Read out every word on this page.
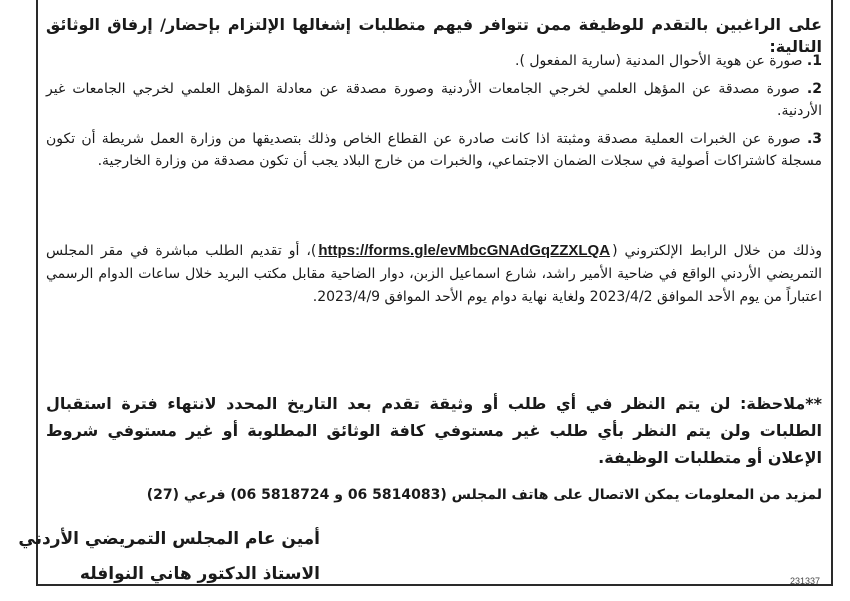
على الراغبين بالتقدم للوظيفة ممن تتوافر فيهم متطلبات إشغالها الإلتزام بإحضار/ إرفاق الوثائق التالية:

1. صورة عن هوية الأحوال المدنية (سارية المفعول ).
2. صورة مصدقة عن المؤهل العلمي لخرجي الجامعات الأردنية وصورة مصدقة عن معادلة المؤهل العلمي لخرجي الجامعات غير الأردنية.
3. صورة عن الخبرات العملية مصدقة ومثبتة اذا كانت صادرة عن القطاع الخاص وذلك بتصديقها من وزارة العمل شريطة أن تكون مسجلة كاشتراكات أصولية في سجلات الضمان الاجتماعي، والخبرات من خارج البلاد يجب أن تكون مصدقة من وزارة الخارجية.

وذلك من خلال الرابط الإلكتروني (https://forms.gle/evMbcGNAdGqZZXLQA)، أو تقديم الطلب مباشرة في مقر المجلس التمريضي الأردني الواقع في ضاحية الأمير راشد، شارع اسماعيل الزبن، دوار الضاحية مقابل مكتب البريد خلال ساعات الدوام الرسمي اعتباراً من يوم الأحد الموافق 2023/4/2 ولغاية نهاية دوام يوم الأحد الموافق 2023/4/9.

**ملاحظة: لن يتم النظر في أي طلب أو وثيقة تقدم بعد التاريخ المحدد لانتهاء فترة استقبال الطلبات ولن يتم النظر بأي طلب غير مستوفي كافة الوثائق المطلوبة أو غير مستوفي شروط الإعلان أو متطلبات الوظيفة.

لمزيد من المعلومات يمكن الاتصال على هاتف المجلس (5814083 06 و 5818724 06) فرعي (27)

أمين عام المجلس التمريضي الأردني

الاستاذ الدكتور هاني النوافله	231337
